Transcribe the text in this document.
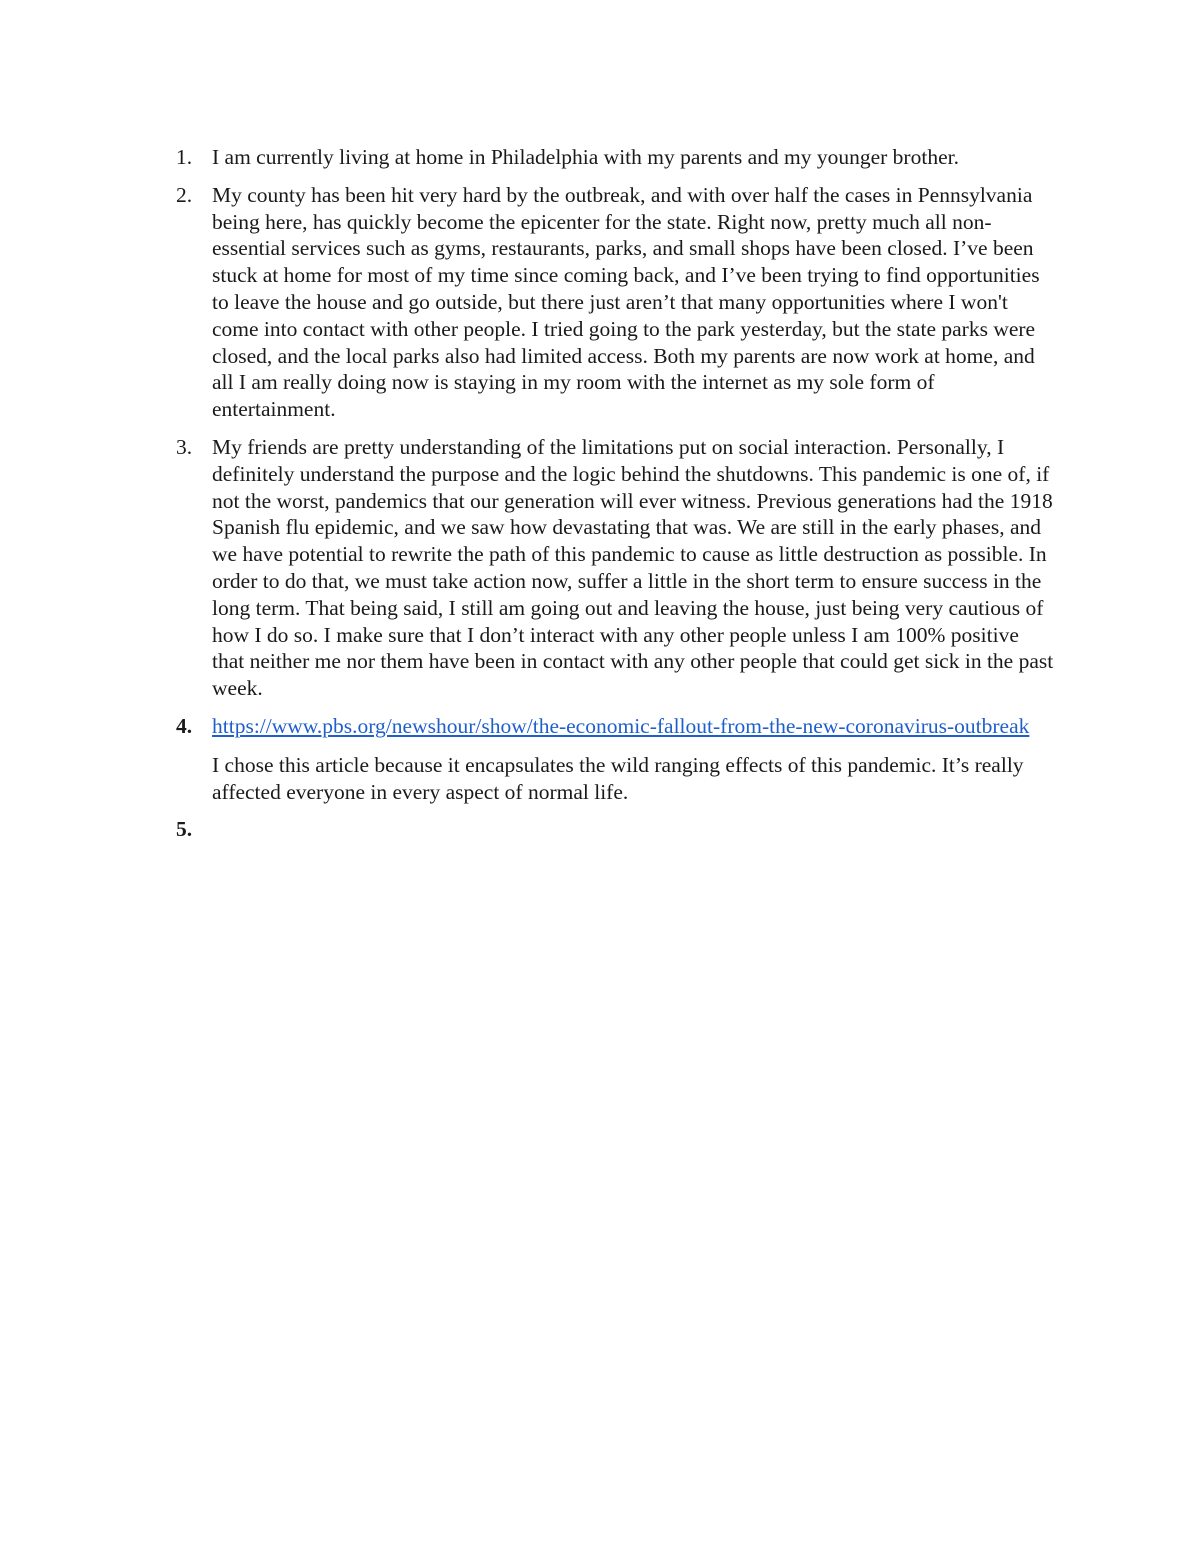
1. I am currently living at home in Philadelphia with my parents and my younger brother.
2. My county has been hit very hard by the outbreak, and with over half the cases in Pennsylvania being here, has quickly become the epicenter for the state. Right now, pretty much all non-essential services such as gyms, restaurants, parks, and small shops have been closed. I’ve been stuck at home for most of my time since coming back, and I’ve been trying to find opportunities to leave the house and go outside, but there just aren’t that many opportunities where I won't come into contact with other people. I tried going to the park yesterday, but the state parks were closed, and the local parks also had limited access. Both my parents are now work at home, and all I am really doing now is staying in my room with the internet as my sole form of entertainment.
3. My friends are pretty understanding of the limitations put on social interaction. Personally, I definitely understand the purpose and the logic behind the shutdowns. This pandemic is one of, if not the worst, pandemics that our generation will ever witness. Previous generations had the 1918 Spanish flu epidemic, and we saw how devastating that was. We are still in the early phases, and we have potential to rewrite the path of this pandemic to cause as little destruction as possible. In order to do that, we must take action now, suffer a little in the short term to ensure success in the long term. That being said, I still am going out and leaving the house, just being very cautious of how I do so. I make sure that I don’t interact with any other people unless I am 100% positive that neither me nor them have been in contact with any other people that could get sick in the past week.
4. https://www.pbs.org/newshour/show/the-economic-fallout-from-the-new-coronavirus-outbreak
I chose this article because it encapsulates the wild ranging effects of this pandemic. It’s really affected everyone in every aspect of normal life.
5.
